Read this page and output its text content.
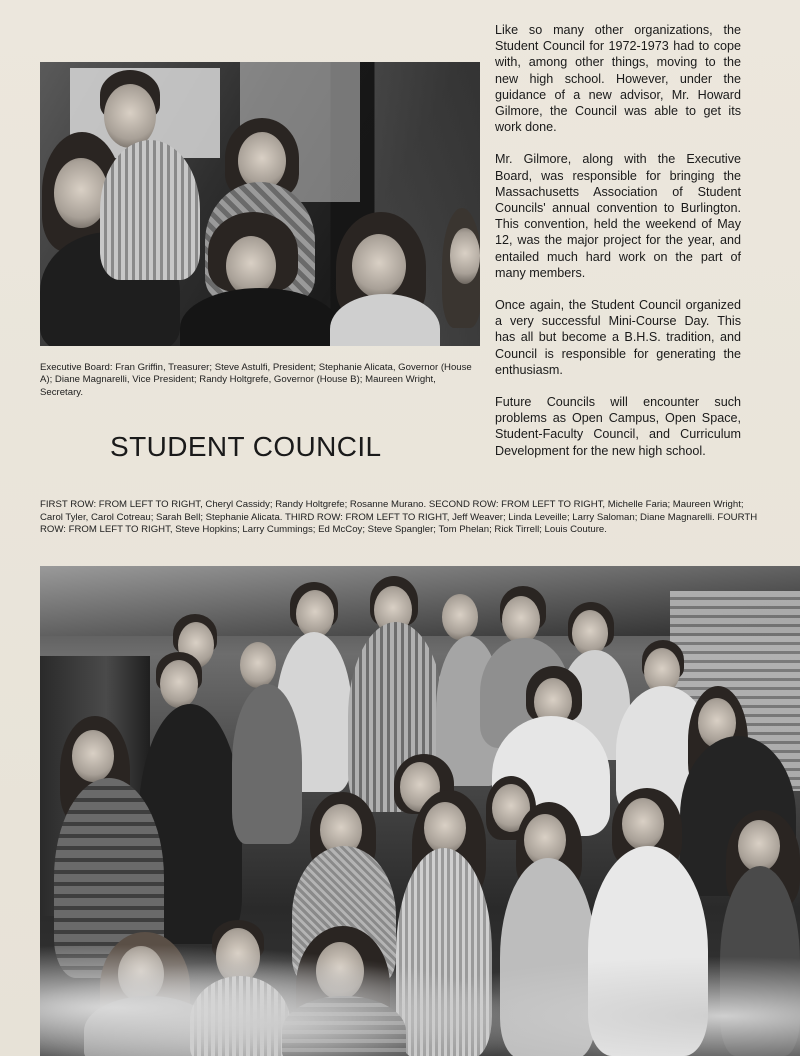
Executive Board: Fran Griffin, Treasurer; Steve Astulfi, President; Stephanie Alicata, Governor (House A); Diane Magnarelli, Vice President; Randy Holtgrefe, Governor (House B); Maureen Wright, Secretary.
STUDENT COUNCIL

Like so many other organizations, the Student Council for 1972-1973 had to cope with, among other things, moving to the new high school. However, under the guidance of a new advisor, Mr. Howard Gilmore, the Council was able to get its work done.

Mr. Gilmore, along with the Executive Board, was responsible for bringing the Massachusetts Association of Student Councils' annual convention to Burlington. This convention, held the weekend of May 12, was the major project for the year, and entailed much hard work on the part of many members.

Once again, the Student Council organized a very successful Mini-Course Day. This has all but become a B.H.S. tradition, and Council is responsible for generating the enthusiasm.

Future Councils will encounter such problems as Open Campus, Open Space, Student-Faculty Council, and Curriculum Development for the new high school.

FIRST ROW: FROM LEFT TO RIGHT, Cheryl Cassidy; Randy Holtgrefe; Rosanne Murano. SECOND ROW: FROM LEFT TO RIGHT, Michelle Faria; Maureen Wright; Carol Tyler, Carol Cotreau; Sarah Bell; Stephanie Alicata. THIRD ROW: FROM LEFT TO RIGHT, Jeff Weaver; Linda Leveille; Larry Saloman; Diane Magnarelli. FOURTH ROW: FROM LEFT TO RIGHT, Steve Hopkins; Larry Cummings; Ed McCoy; Steve Spangler; Tom Phelan; Rick Tirrell; Louis Couture.
